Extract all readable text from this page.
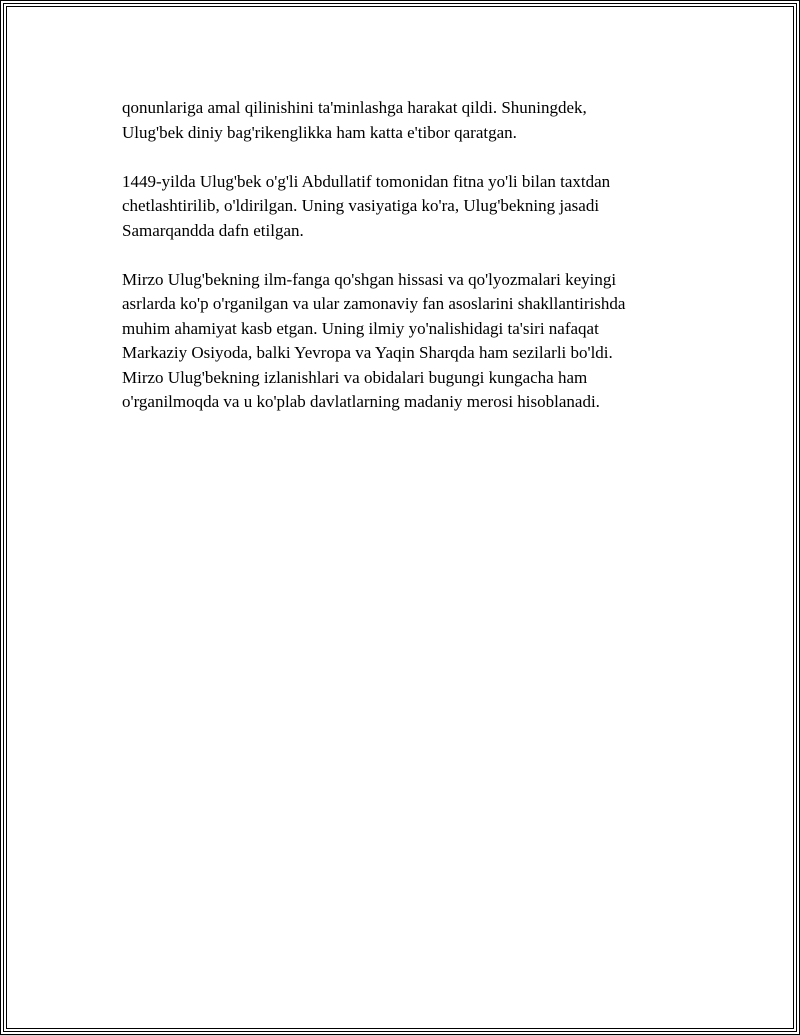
qonunlariga amal qilinishini ta'minlashga harakat qildi. Shuningdek,
Ulug'bek diniy bag'rikenglikka ham katta e'tibor qaratgan.

1449-yilda Ulug'bek o'g'li Abdullatif tomonidan fitna yo'li bilan taxtdan
chetlashtirilib, o'ldirilgan. Uning vasiyatiga ko'ra, Ulug'bekning jasadi
Samarqandda dafn etilgan.

Mirzo Ulug'bekning ilm-fanga qo'shgan hissasi va qo'lyozmalari keyingi
asrlarda ko'p o'rganilgan va ular zamonaviy fan asoslarini shakllantirishda
muhim ahamiyat kasb etgan. Uning ilmiy yo'nalishidagi ta'siri nafaqat
Markaziy Osiyoda, balki Yevropa va Yaqin Sharqda ham sezilarli bo'ldi.
Mirzo Ulug'bekning izlanishlari va obidalari bugungi kungacha ham
o'rganilmoqda va u ko'plab davlatlarning madaniy merosi hisoblanadi.
